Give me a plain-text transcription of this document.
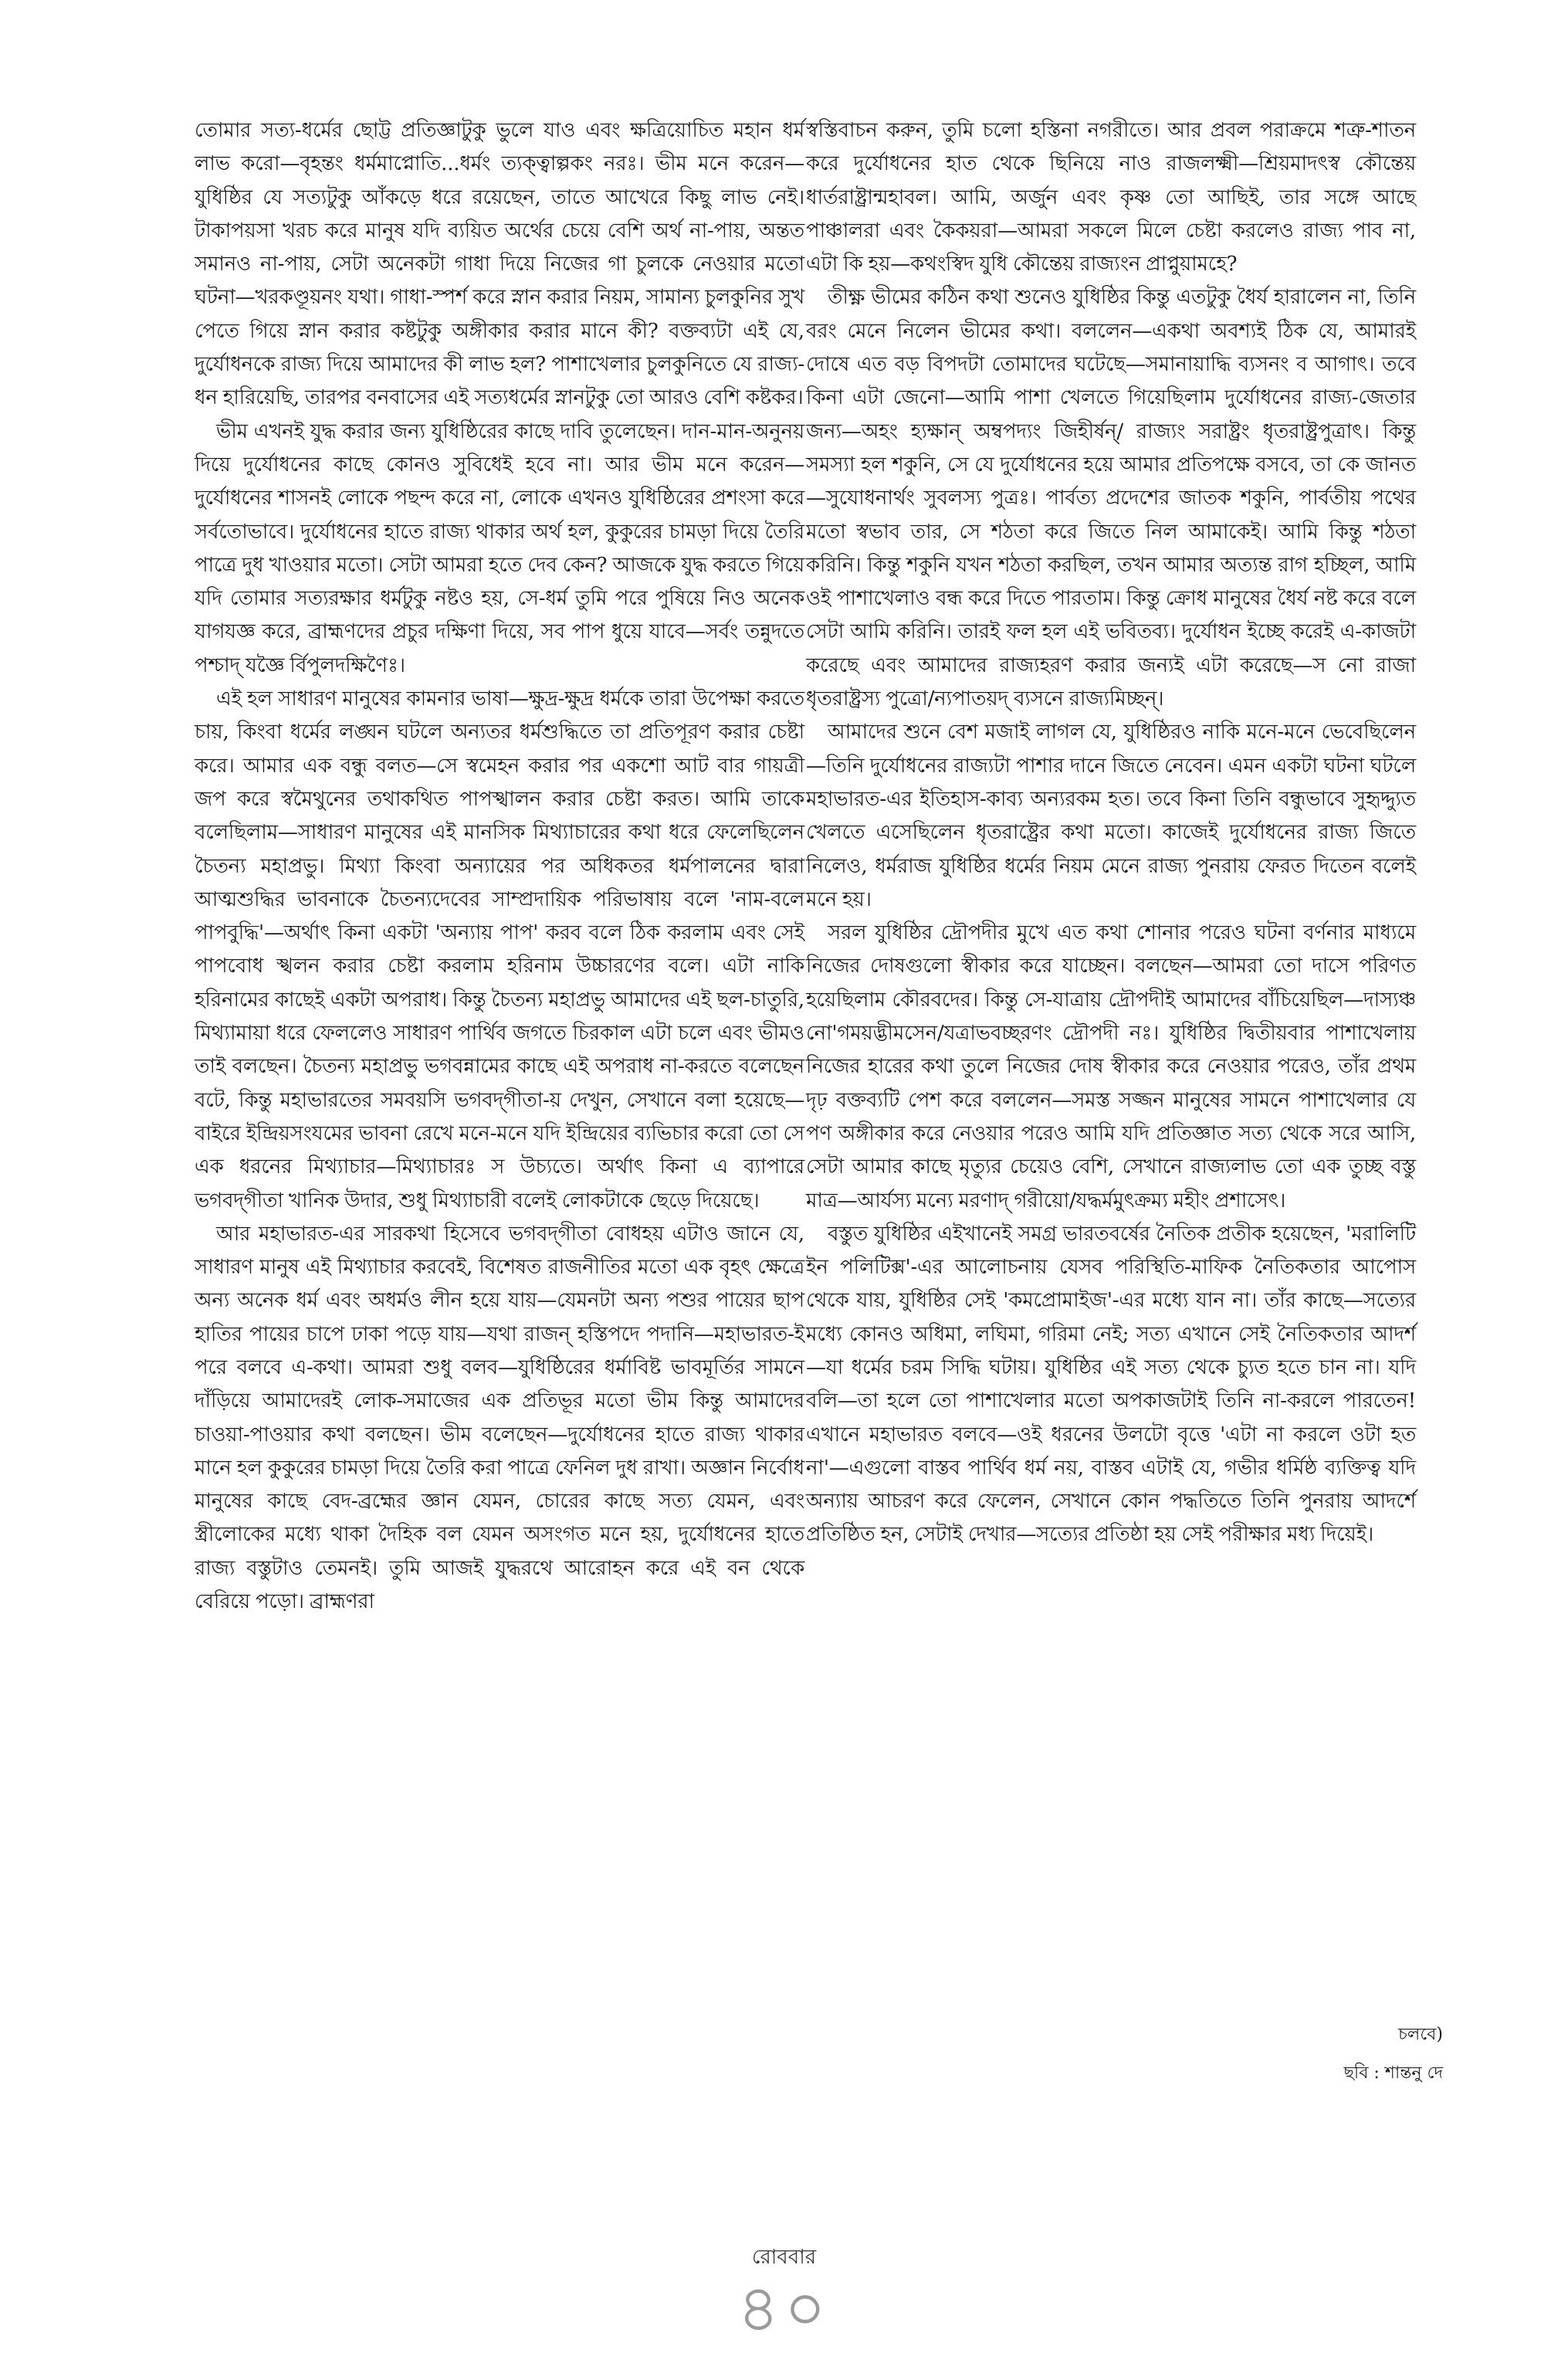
তোমার সত্য-ধর্মের ছোট্ট প্রতিজ্ঞাটুকু ভুলে যাও এবং ক্ষত্রিয়োচিত মহান ধর্ম লাভ করো—বৃহন্তং ধর্মমাপ্নোতি...ধর্মং ত্যক্ত্বাল্পকং নরঃ। ভীম মনে করেন—যুধিষ্ঠির যে সত্যটুকু আঁকড়ে ধরে রয়েছেন, তাতে আখেরে কিছু লাভ নেই। টাকাপয়সা খরচ করে মানুষ যদি ব্যয়িত অর্থের চেয়ে বেশি অর্থ না-পায়, অন্তত সমানও না-পায়, সেটা অনেকটা গাধা দিয়ে নিজের গা চুলকে নেওয়ার মতো ঘটনা—খরকণ্ডূয়নং যথা। গাধা-স্পর্শ করে স্নান করার নিয়ম, সামান্য চুলকুনির সুখ পেতে গিয়ে স্নান করার কষ্টটুকু অঙ্গীকার করার মানে কী? বক্তব্যটা এই যে, দুর্যোধনকে রাজ্য দিয়ে আমাদের কী লাভ হল? পাশাখেলার চুলকুনিতে যে রাজ্য-ধন হারিয়েছি, তারপর বনবাসের এই সত্যধর্মের স্নানটুকু তো আরও বেশি কষ্টকর।

ভীম এখনই যুদ্ধ করার জন্য যুধিষ্ঠিরের কাছে দাবি তুলেছেন। দান-মান-অনুনয় দিয়ে দুর্যোধনের কাছে কোনও সুবিধেই হবে না। আর ভীম মনে করেন—দুর্যোধনের শাসনই লোকে পছন্দ করে না, লোকে এখনও যুধিষ্ঠিরের প্রশংসা করে সর্বতোভাবে। দুর্যোধনের হাতে রাজ্য থাকার অর্থ হল, কুকুরের চামড়া দিয়ে তৈরি পাত্রে দুধ খাওয়ার মতো। সেটা আমরা হতে দেব কেন? আজকে যুদ্ধ করতে গিয়ে যদি তোমার সত্যরক্ষার ধর্মটুকু নষ্টও হয়, সে-ধর্ম তুমি পরে পুষিয়ে নিও অনেক যাগযজ্ঞ করে, ব্রাহ্মণদের প্রচুর দক্ষিণা দিয়ে, সব পাপ ধুয়ে যাবে—সর্বং তন্নুদতে পশ্চাদ্ যজ্ঞৈ র্বিপুলদক্ষিণৈঃ।

এই হল সাধারণ মানুষের কামনার ভাষা—ক্ষুদ্র-ক্ষুদ্র ধর্মকে তারা উপেক্ষা করতে চায়, কিংবা ধর্মের লঙ্ঘন ঘটলে অন্যতর ধর্মশুদ্ধিতে তা প্রতিপূরণ করার চেষ্টা করে। আমার এক বন্ধু বলত—সে স্বমেহন করার পর একশো আট বার গায়ত্রী জপ করে স্বমৈথুনের তথাকথিত পাপস্খালন করার চেষ্টা করত। আমি তাকে বলেছিলাম—সাধারণ মানুষের এই মানসিক মিথ্যাচারের কথা ধরে ফেলেছিলেন চৈতন্য মহাপ্রভু। মিথ্যা কিংবা অন্যায়ের পর অধিকতর ধর্মপালনের দ্বারা আত্মশুদ্ধির ভাবনাকে চৈতন্যদেবের সাম্প্রদায়িক পরিভাষায় বলে 'নাম-বলে পাপবুদ্ধি'—অর্থাৎ কিনা একটা 'অন্যায় পাপ' করব বলে ঠিক করলাম এবং সেই পাপবোধ স্খলন করার চেষ্টা করলাম হরিনাম উচ্চারণের বলে। এটা নাকি হরিনামের কাছেই একটা অপরাধ। কিন্তু চৈতন্য মহাপ্রভু আমাদের এই ছল-চাতুরি, মিথ্যামায়া ধরে ফেললেও সাধারণ পার্থিব জগতে চিরকাল এটা চলে এবং ভীমও তাই বলছেন। চৈতন্য মহাপ্রভু ভগবন্নামের কাছে এই অপরাধ না-করতে বলেছেন বটে, কিন্তু মহাভারতের সমবয়সি ভগবদ্‌গীতা-য় দেখুন, সেখানে বলা হয়েছে—বাইরে ইন্দ্রিয়সংযমের ভাবনা রেখে মনে-মনে যদি ইন্দ্রিয়ের ব্যভিচার করো তো সে এক ধরনের মিথ্যাচার—মিথ্যাচারঃ স উচ্যতে। অর্থাৎ কিনা এ ব্যাপারে ভগবদ্‌গীতা খানিক উদার, শুধু মিথ্যাচারী বলেই লোকটাকে ছেড়ে দিয়েছে।

আর মহাভারত-এর সারকথা হিসেবে ভগবদ্‌গীতা বোধহয় এটাও জানে যে, সাধারণ মানুষ এই মিথ্যাচার করবেই, বিশেষত রাজনীতির মতো এক বৃহৎ ক্ষেত্রে অন্য অনেক ধর্ম এবং অধর্মও লীন হয়ে যায়—যেমনটা অন্য পশুর পায়ের ছাপ হাতির পায়ের চাপে ঢাকা পড়ে যায়—যথা রাজন্ হস্তিপদে পদানি—মহাভারত-ই পরে বলবে এ-কথা। আমরা শুধু বলব—যুধিষ্ঠিরের ধর্মাবিষ্ট ভাবমূর্তির সামনে দাঁড়িয়ে আমাদেরই লোক-সমাজের এক প্রতিভূর মতো ভীম কিন্তু আমাদের চাওয়া-পাওয়ার কথা বলছেন। ভীম বলেছেন—দুর্যোধনের হাতে রাজ্য থাকার মানে হল কুকুরের চামড়া দিয়ে তৈরি করা পাত্রে ফেনিল দুধ রাখা। অজ্ঞান নির্বোধ মানুষের কাছে বেদ-ব্রহ্মের জ্ঞান যেমন, চোরের কাছে সত্য যেমন, এবং স্ত্রীলোকের মধ্যে থাকা দৈহিক বল যেমন অসংগত মনে হয়, দুর্যোধনের হাতে রাজ্য বস্তুটাও তেমনই। তুমি আজই যুদ্ধরথে আরোহন করে এই বন থেকে বেরিয়ে পড়ো। ব্রাহ্মণরা

স্বস্তিবাচন করুন, তুমি চলো হস্তিনা নগরীতে। আর প্রবল পরাক্রমে শত্রু-শাতন করে দুর্যোধনের হাত থেকে ছিনিয়ে নাও রাজলক্ষ্মী—শ্রিয়মাদৎস্ব কৌন্তেয় ধার্তরাষ্ট্রান্মহাবল। আমি, অর্জুন এবং কৃষ্ণ তো আছিই, তার সঙ্গে আছে পাঞ্চালরা এবং কৈকয়রা—আমরা সকলে মিলে চেষ্টা করলেও রাজ্য পাব না, এটা কি হয়—কথংস্বিদ যুধি কৌন্তেয় রাজ্যংন প্রাপ্নুয়ামহে?

তীক্ষ্ণ ভীমের কঠিন কথা শুনেও যুধিষ্ঠির কিন্তু এতটুকু ধৈর্য হারালেন না, তিনি বরং মেনে নিলেন ভীমের কথা। বললেন—একথা অবশ্যই ঠিক যে, আমারই দোষে এত বড় বিপদটা তোমাদের ঘটেছে—সমানায়াদ্ধি ব্যসনং ব আগাৎ। তবে কিনা এটা জেনো—আমি পাশা খেলতে গিয়েছিলাম দুর্যোধনের রাজ্য-জেতার জন্য—অহং হ্যক্ষান্ অম্বপদ্যং জিহীর্ষন্/ রাজ্যং সরাষ্ট্রং ধৃতরাষ্ট্রপুত্রাৎ। কিন্তু সমস্যা হল শকুনি, সে যে দুর্যোধনের হয়ে আমার প্রতিপক্ষে বসবে, তা কে জানত—সুযোধনার্থং সুবলস্য পুত্রঃ। পার্বত্য প্রদেশের জাতক শকুনি, পার্বতীয় পথের মতো স্বভাব তার, সে শঠতা করে জিতে নিল আমাকেই। আমি কিন্তু শঠতা করিনি। কিন্তু শকুনি যখন শঠতা করছিল, তখন আমার অত্যন্ত রাগ হচ্ছিল, আমি ওই পাশাখেলাও বন্ধ করে দিতে পারতাম। কিন্তু ক্রোধ মানুষের ধৈর্য নষ্ট করে বলে সেটা আমি করিনি। তারই ফল হল এই ভবিতব্য। দুর্যোধন ইচ্ছে করেই এ-কাজটা করেছে এবং আমাদের রাজ্যহরণ করার জন্যই এটা করেছে—স নো রাজা ধৃতরাষ্ট্রস্য পুত্রো/ন্যপাতয়দ্ ব্যসনে রাজ্যমিচ্ছন্।

আমাদের শুনে বেশ মজাই লাগল যে, যুধিষ্ঠিরও নাকি মনে-মনে ভেবেছিলেন—তিনি দুর্যোধনের রাজ্যটা পাশার দানে জিতে নেবেন। এমন একটা ঘটনা ঘটলে মহাভারত-এর ইতিহাস-কাব্য অন্যরকম হত। তবে কিনা তিনি বন্ধুভাবে সুহৃদ্দ্যুত খেলতে এসেছিলেন ধৃতরাষ্ট্রের কথা মতো। কাজেই দুর্যোধনের রাজ্য জিতে নিলেও, ধর্মরাজ যুধিষ্ঠির ধর্মের নিয়ম মেনে রাজ্য পুনরায় ফেরত দিতেন বলেই মনে হয়।

সরল যুধিষ্ঠির দ্রৌপদীর মুখে এত কথা শোনার পরেও ঘটনা বর্ণনার মাধ্যমে নিজের দোষগুলো স্বীকার করে যাচ্ছেন। বলছেন—আমরা তো দাসে পরিণত হয়েছিলাম কৌরবদের। কিন্তু সে-যাত্রায় দ্রৌপদীই আমাদের বাঁচিয়েছিল—দাস্যঞ্চ নো'গময়দ্ভীমসেন/যত্রাভবচ্ছরণং দ্রৌপদী নঃ। যুধিষ্ঠির দ্বিতীয়বার পাশাখেলায় নিজের হারের কথা তুলে নিজের দোষ স্বীকার করে নেওয়ার পরেও, তাঁর প্রথম দৃঢ় বক্তব্যটি পেশ করে বললেন—সমস্ত সজ্জন মানুষের সামনে পাশাখেলার যে পণ অঙ্গীকার করে নেওয়ার পরেও আমি যদি প্রতিজ্ঞাত সত্য থেকে সরে আসি, সেটা আমার কাছে মৃত্যুর চেয়েও বেশি, সেখানে রাজ্যলাভ তো এক তুচ্ছ বস্তু মাত্র—আর্যস্য মন্যে মরণাদ্ গরীয়ো/যদ্ধর্মমুৎক্রম্য মহীং প্রশাসেৎ।

বস্তুত যুধিষ্ঠির এইখানেই সমগ্র ভারতবর্ষের নৈতিক প্রতীক হয়েছেন, 'মরালিটি ইন পলিটিক্স'-এর আলোচনায় যেসব পরিস্থিতি-মাফিক নৈতিকতার আপোস থেকে যায়, যুধিষ্ঠির সেই 'কমপ্রোমাইজ'-এর মধ্যে যান না। তাঁর কাছে—সত্যের মধ্যে কোনও অধিমা, লঘিমা, গরিমা নেই; সত্য এখানে সেই নৈতিকতার আদর্শ—যা ধর্মের চরম সিদ্ধি ঘটায়। যুধিষ্ঠির এই সত্য থেকে চ্যুত হতে চান না। যদি বলি—তা হলে তো পাশাখেলার মতো অপকাজটাই তিনি না-করলে পারতেন! এখানে মহাভারত বলবে—ওই ধরনের উলটো বৃত্তে 'এটা না করলে ওটা হত না'—এগুলো বাস্তব পার্থিব ধর্ম নয়, বাস্তব এটাই যে, গভীর ধর্মিষ্ঠ ব্যক্তিত্ব যদি অন্যায় আচরণ করে ফেলেন, সেখানে কোন পদ্ধতিতে তিনি পুনরায় আদর্শে প্রতিষ্ঠিত হন, সেটাই দেখার—সত্যের প্রতিষ্ঠা হয় সেই পরীক্ষার মধ্য দিয়েই।

চলবে)
ছবি : শান্তনু দে
রোববার
৪০
